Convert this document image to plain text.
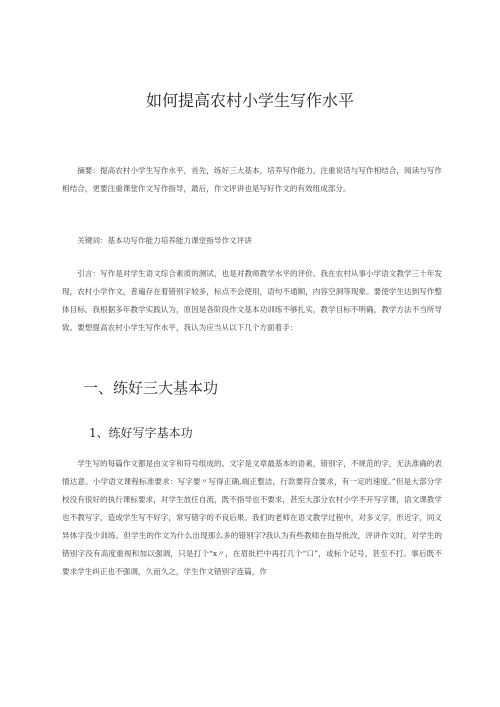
如何提高农村小学生写作水平

摘要：提高农村小学生写作水平，首先，练好三大基本，培养写作能力，注重说话与写作相结合，阅读与写作相结合，更要注重课堂作文写作指导，最后，作文评讲也是写好作文的有效组成部分。

关键词：基本功写作能力培养能力课堂指导作文评讲

引言：写作是对学生语文综合素质的测试，也是对教师教学水平的评价。我在农村从事小学语文教学三十年发现，农村小学作文，普遍存在着错别字较多，标点不会使用，语句不通顺，内容空洞等现象。要使学生达到写作整体目标，我根据多年教学实践认为，原因是各阶段作文基本功训练不够扎实，教学目标不明确，教学方法不当所导致。要想提高农村小学生写作水平，我认为应当从以下几个方面着手：

一、练好三大基本功
1、练好写字基本功

学生写的每篇作文都是由文字和符号组成的。文字是文章最基本的语素，错别字，不规范的字，无法准确的表情达意。小学语文课程标准要求：写字要〃写得正确,端正整洁，行款要符合要求，有一定的速度。”但是大部分学校没有很好的执行课标要求，对学生放任自流，既不指导也不要求，甚至大部分农村小学不开写字课，语文课教学也不教写字，造成学生写不好字，常写错字的不良后果。我们的老师在语文教学过程中，对多义字，形近字，同义异体字没少训练。但学生的作文为什么出现那么多的错别字?我认为有些教师在指导批改，评讲作文时，对学生的错别字没有高度重视和加以强调，只是打个“x〃，在眉批栏中再打几个“口”，或标个记号，甚至不打。事后既不要求学生纠正也不强调，久而久之，学生作文错别字连篇，作
